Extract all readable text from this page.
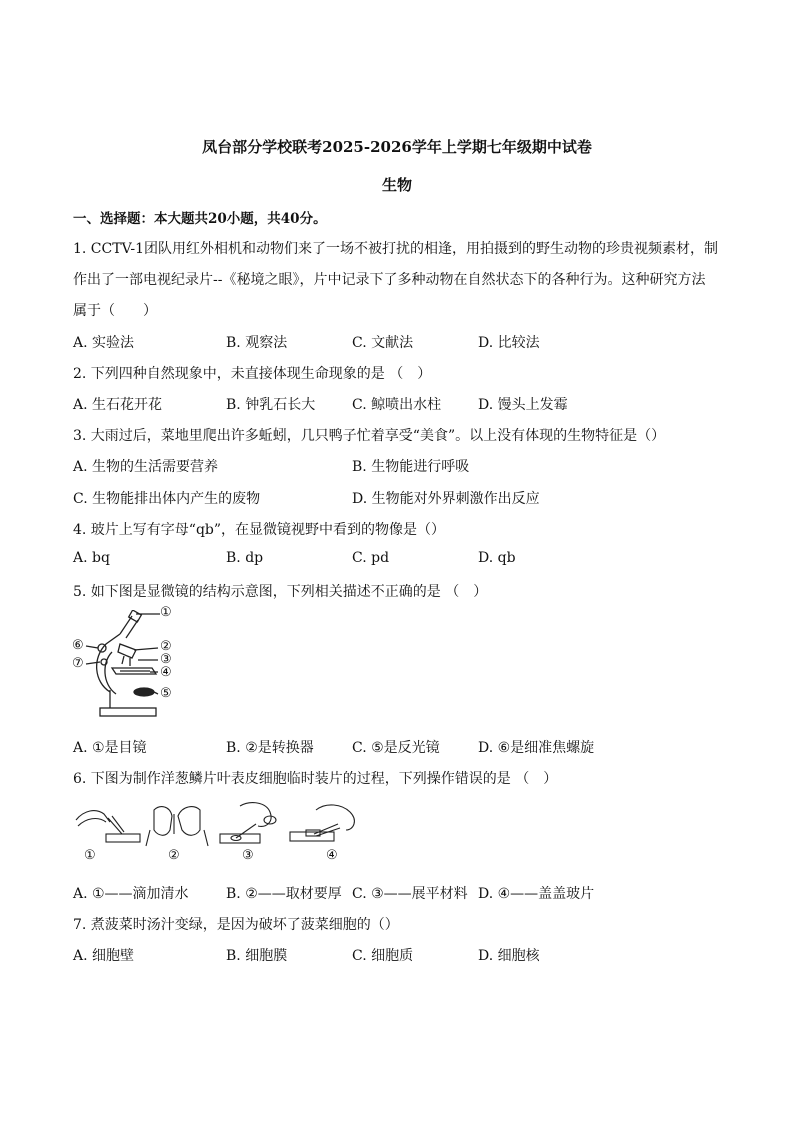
凤台部分学校联考2025-2026学年上学期七年级期中试卷
生物
一、选择题：本大题共20小题，共40分。
1. CCTV-1团队用红外相机和动物们来了一场不被打扰的相逢，用拍摄到的野生动物的珍贵视频素材，制
作出了一部电视纪录片--《秘境之眼》，片中记录下了多种动物在自然状态下的各种行为。这种研究方法
属于（　　）
A. 实验法	B. 观察法	C. 文献法	D. 比较法
2. 下列四种自然现象中，未直接体现生命现象的是 （　）
A. 生石花开花	B. 钟乳石长大	C. 鲸喷出水柱	D. 馒头上发霉
3. 大雨过后，菜地里爬出许多蚯蚓，几只鸭子忙着享受“美食”。以上没有体现的生物特征是（）
A. 生物的生活需要营养	B. 生物能进行呼吸
C. 生物能排出体内产生的废物	D. 生物能对外界刺激作出反应
4. 玻片上写有字母“qb”，在显微镜视野中看到的物像是（）
A. bq	B. dp	C. pd	D. qb
5. 如下图是显微镜的结构示意图，下列相关描述不正确的是 （　）
①
②
③
④
⑤
⑥
⑦
A. ①是目镜	B. ②是转换器	C. ⑤是反光镜	D. ⑥是细准焦螺旋
6. 下图为制作洋葱鳞片叶表皮细胞临时装片的过程，下列操作错误的是 （　）
①	②	③	④
A. ①——滴加清水	B. ②——取材要厚 C. ③——展平材料 D. ④——盖盖玻片
7. 煮菠菜时汤汁变绿，是因为破坏了菠菜细胞的（）
A. 细胞壁	B. 细胞膜	C. 细胞质	D. 细胞核
